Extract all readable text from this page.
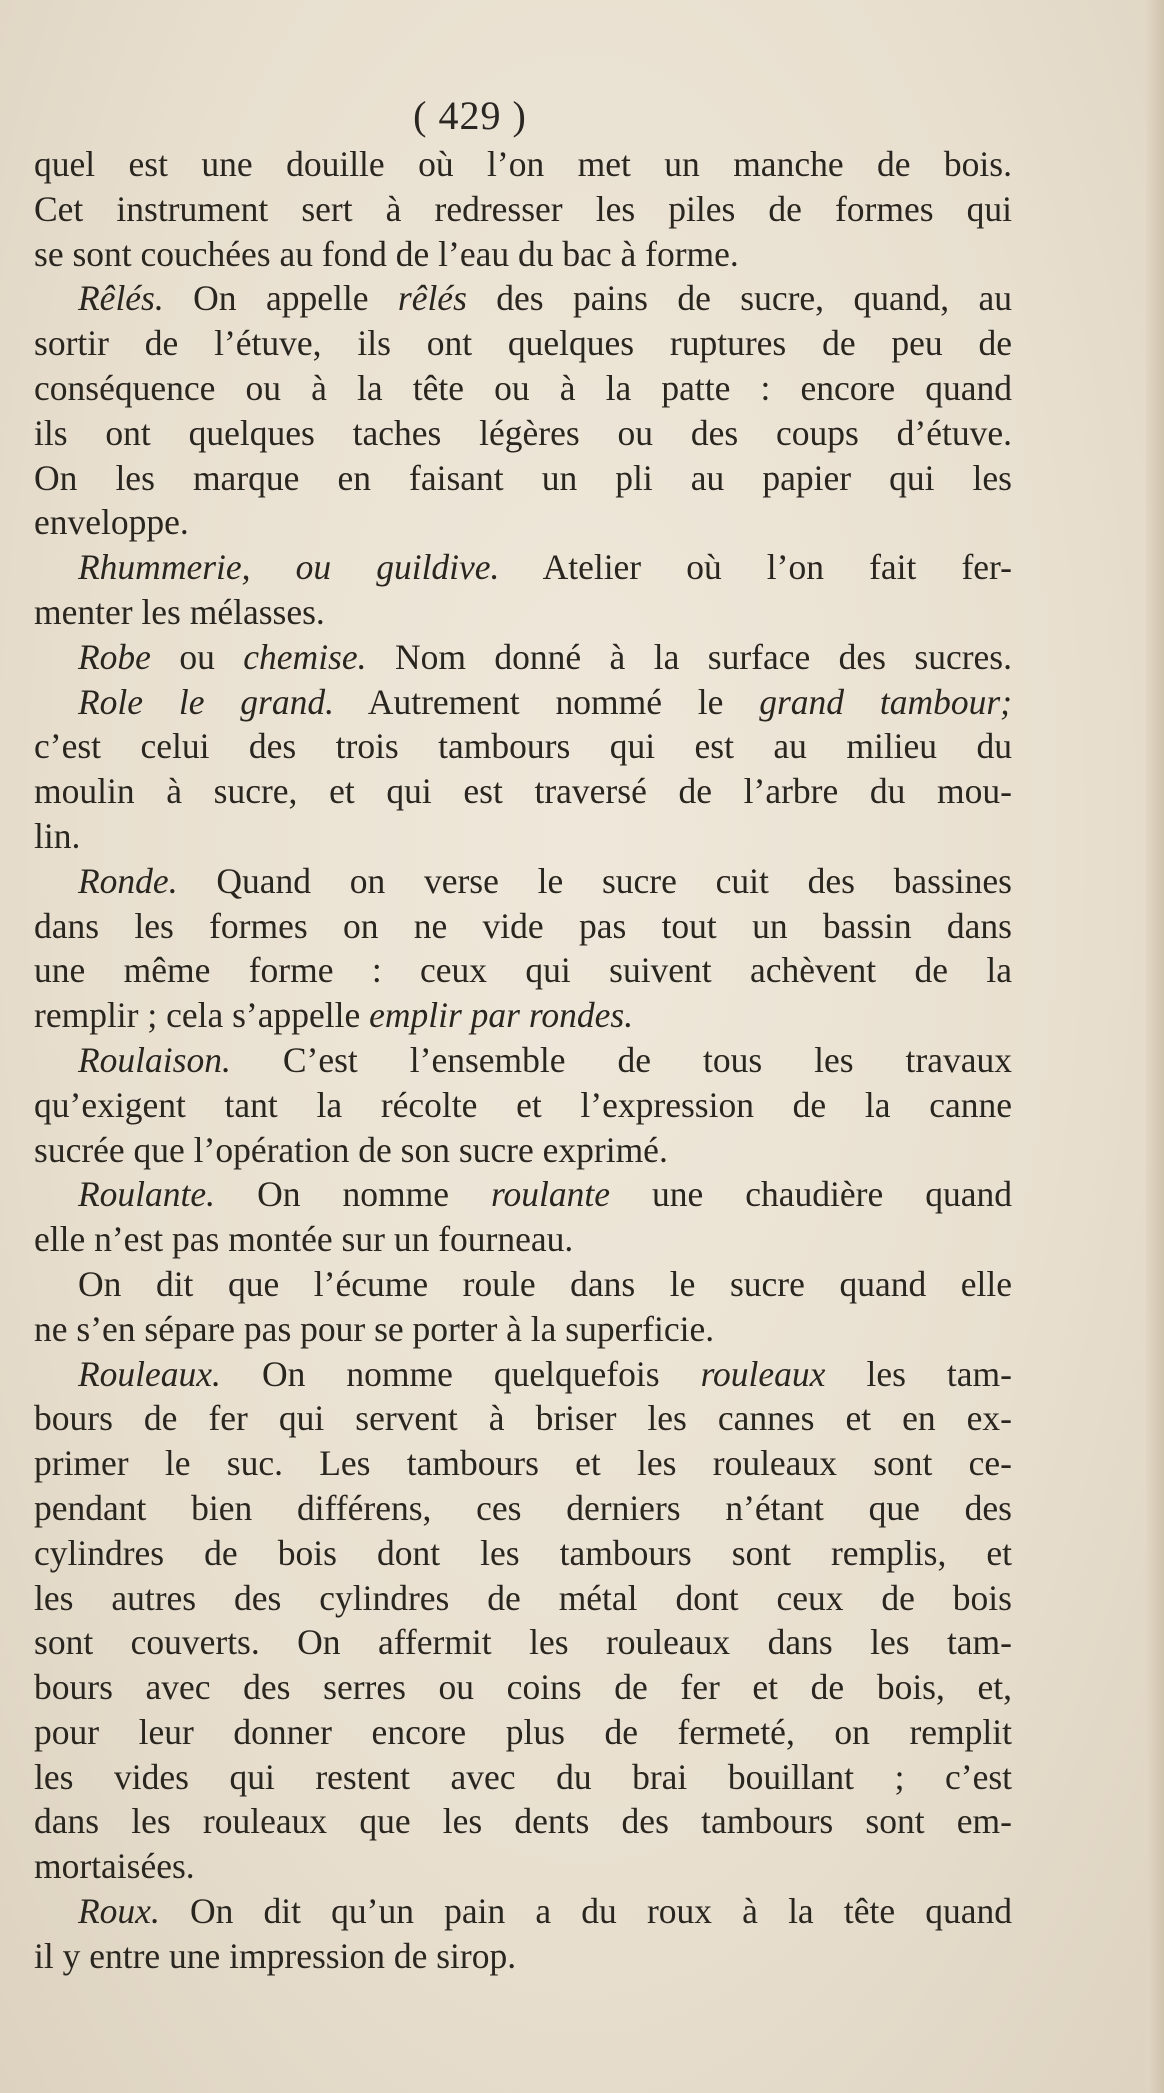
( 429 )
quel est une douille où l’on met un manche de bois.
Cet instrument sert à redresser les piles de formes qui
se sont couchées au fond de l’eau du bac à forme.
Rêlés. On appelle rêlés des pains de sucre, quand, au
sortir de l’étuve, ils ont quelques ruptures de peu de
conséquence ou à la tête ou à la patte : encore quand
ils ont quelques taches légères ou des coups d’étuve.
On les marque en faisant un pli au papier qui les
enveloppe.
Rhummerie, ou guildive. Atelier où l’on fait fer-
menter les mélasses.
Robe ou chemise. Nom donné à la surface des sucres.
Role le grand. Autrement nommé le grand tambour;
c’est celui des trois tambours qui est au milieu du
moulin à sucre, et qui est traversé de l’arbre du mou-
lin.
Ronde. Quand on verse le sucre cuit des bassines
dans les formes on ne vide pas tout un bassin dans
une même forme : ceux qui suivent achèvent de la
remplir ; cela s’appelle emplir par rondes.
Roulaison. C’est l’ensemble de tous les travaux
qu’exigent tant la récolte et l’expression de la canne
sucrée que l’opération de son sucre exprimé.
Roulante. On nomme roulante une chaudière quand
elle n’est pas montée sur un fourneau.
On dit que l’écume roule dans le sucre quand elle
ne s’en sépare pas pour se porter à la superficie.
Rouleaux. On nomme quelquefois rouleaux les tam-
bours de fer qui servent à briser les cannes et en ex-
primer le suc. Les tambours et les rouleaux sont ce-
pendant bien différens, ces derniers n’étant que des
cylindres de bois dont les tambours sont remplis, et
les autres des cylindres de métal dont ceux de bois
sont couverts. On affermit les rouleaux dans les tam-
bours avec des serres ou coins de fer et de bois, et,
pour leur donner encore plus de fermeté, on remplit
les vides qui restent avec du brai bouillant ; c’est
dans les rouleaux que les dents des tambours sont em-
mortaisées.
Roux. On dit qu’un pain a du roux à la tête quand
il y entre une impression de sirop.
